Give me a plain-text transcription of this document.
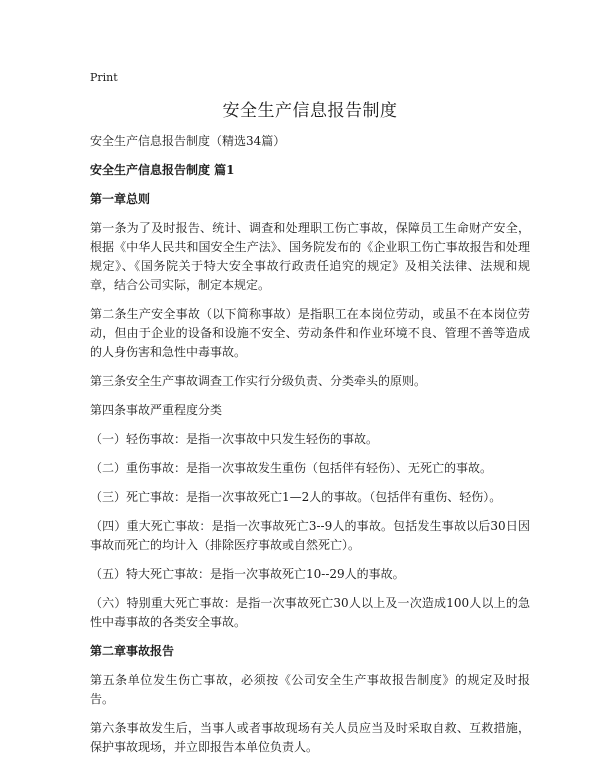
Print
安全生产信息报告制度
安全生产信息报告制度（精选34篇）
安全生产信息报告制度 篇1
第一章总则
第一条为了及时报告、统计、调查和处理职工伤亡事故，保障员工生命财产安全，根据《中华人民共和国安全生产法》、国务院发布的《企业职工伤亡事故报告和处理规定》、《国务院关于特大安全事故行政责任追究的规定》及相关法律、法规和规章，结合公司实际，制定本规定。
第二条生产安全事故（以下简称事故）是指职工在本岗位劳动，或虽不在本岗位劳动，但由于企业的设备和设施不安全、劳动条件和作业环境不良、管理不善等造成的人身伤害和急性中毒事故。
第三条安全生产事故调查工作实行分级负责、分类牵头的原则。
第四条事故严重程度分类
（一）轻伤事故：是指一次事故中只发生轻伤的事故。
（二）重伤事故：是指一次事故发生重伤（包括伴有轻伤）、无死亡的事故。
（三）死亡事故：是指一次事故死亡1—2人的事故。（包括伴有重伤、轻伤）。
（四）重大死亡事故：是指一次事故死亡3--9人的事故。包括发生事故以后30日因事故而死亡的均计入（排除医疗事故或自然死亡）。
（五）特大死亡事故：是指一次事故死亡10--29人的事故。
（六）特别重大死亡事故：是指一次事故死亡30人以上及一次造成100人以上的急性中毒事故的各类安全事故。
第二章事故报告
第五条单位发生伤亡事故，必须按《公司安全生产事故报告制度》的规定及时报告。
第六条事故发生后，当事人或者事故现场有关人员应当及时采取自救、互救措施，保护事故现场，并立即报告本单位负责人。
